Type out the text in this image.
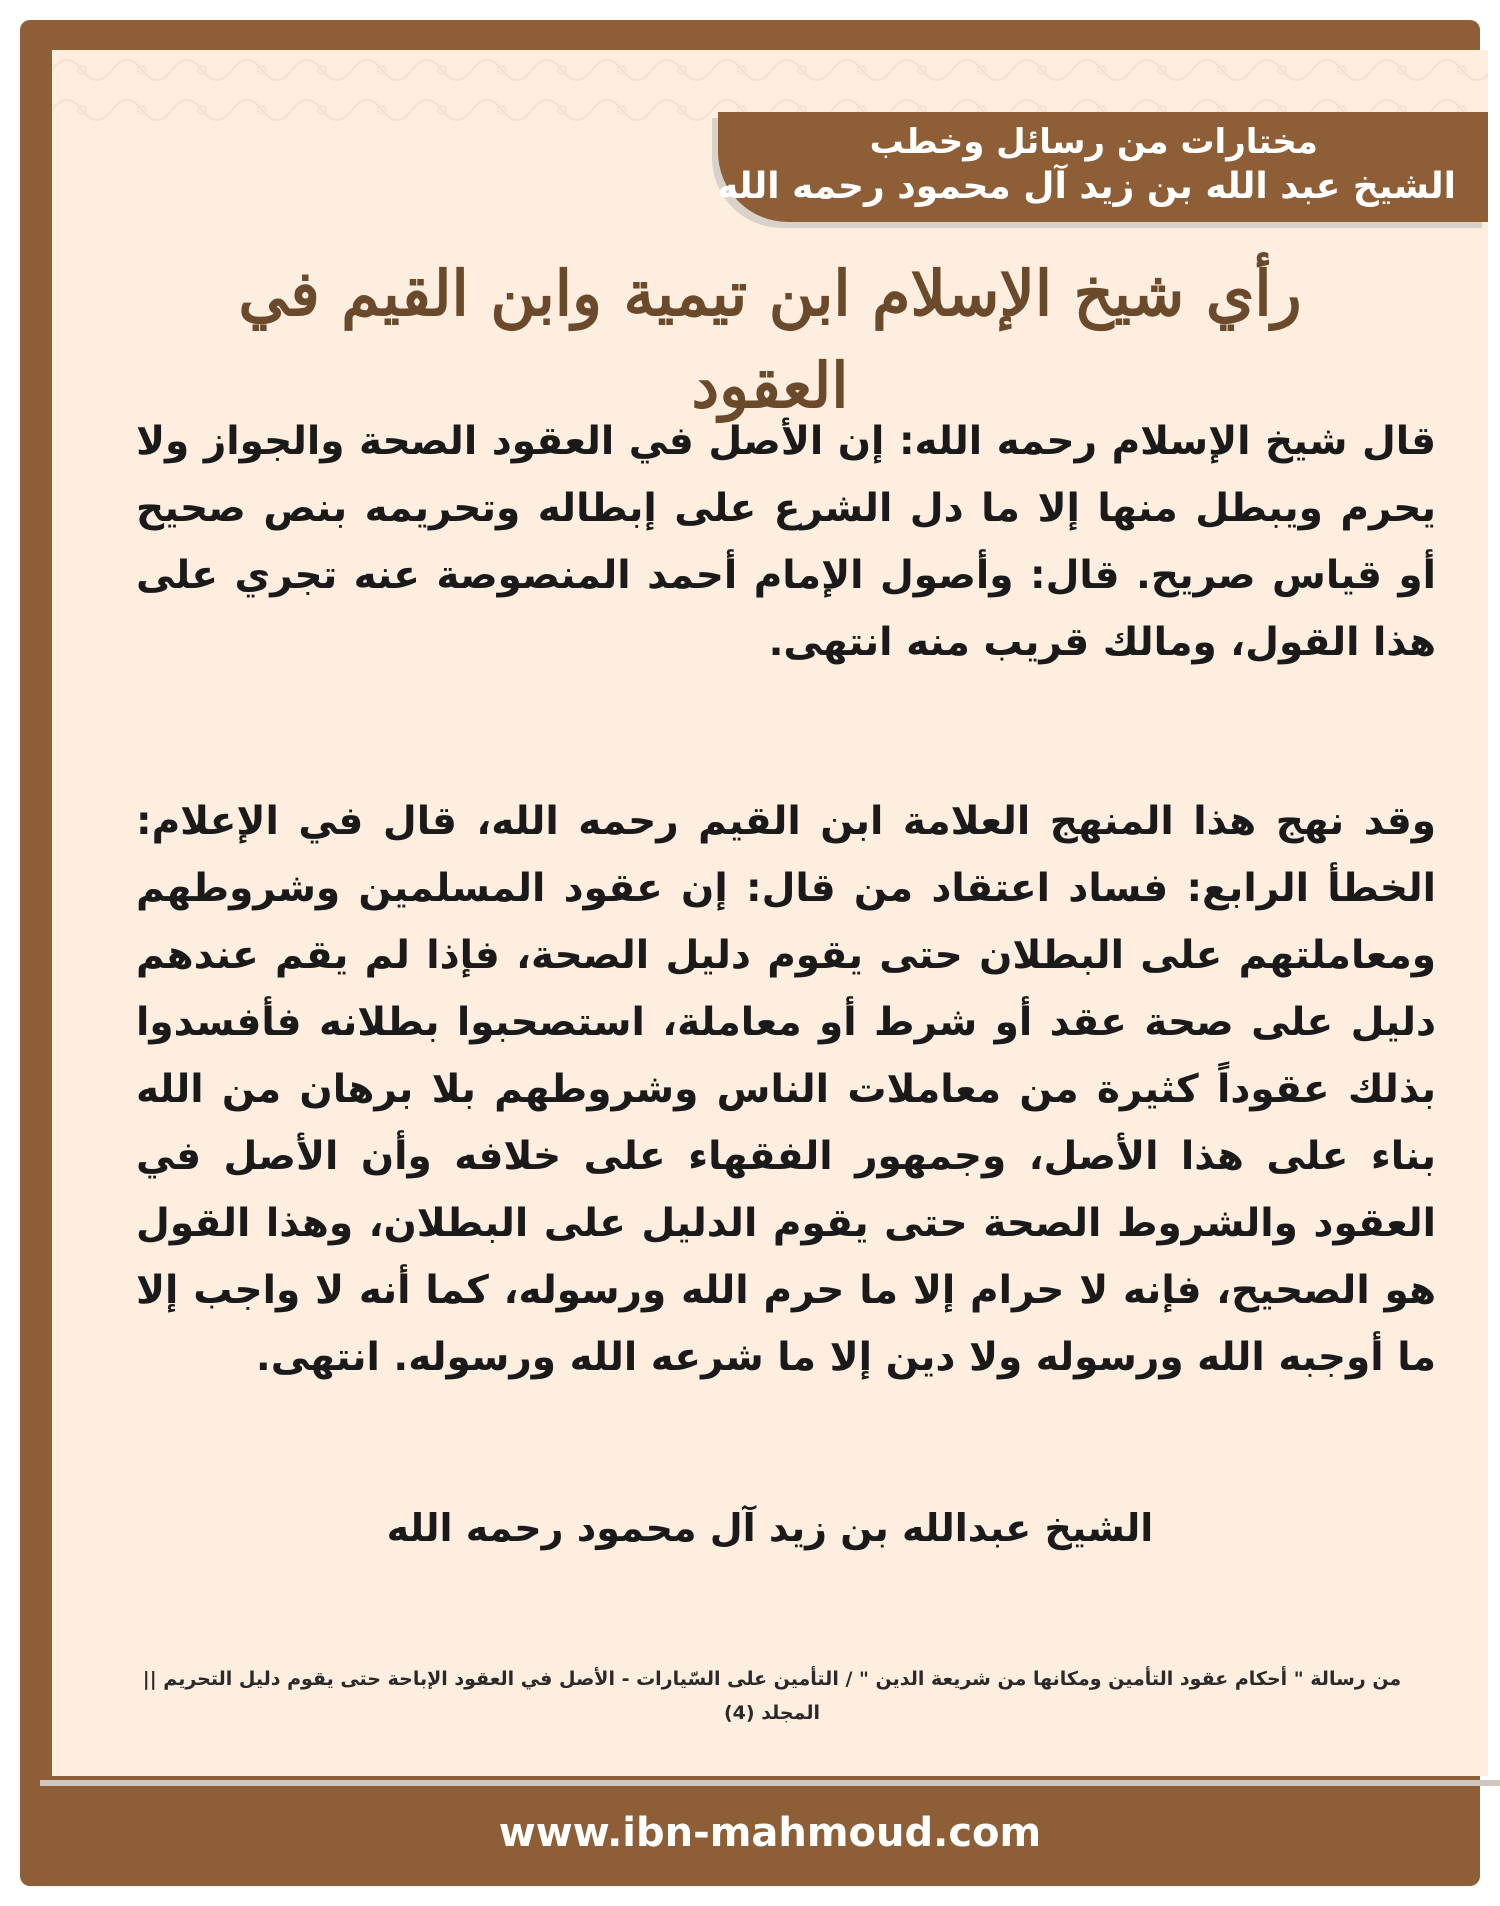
مختارات من رسائل وخطب
الشيخ عبد الله بن زيد آل محمود رحمه الله
رأي شيخ الإسلام ابن تيمية وابن القيم في العقود
قال شيخ الإسلام رحمه الله: إن الأصل في العقود الصحة والجواز ولا يحرم ويبطل منها إلا ما دل الشرع على إبطاله وتحريمه بنص صحيح أو قياس صريح. قال: وأصول الإمام أحمد المنصوصة عنه تجري على هذا القول، ومالك قريب منه انتهى.
وقد نهج هذا المنهج العلامة ابن القيم رحمه الله، قال في الإعلام: الخطأ الرابع: فساد اعتقاد من قال: إن عقود المسلمين وشروطهم ومعاملتهم على البطلان حتى يقوم دليل الصحة، فإذا لم يقم عندهم دليل على صحة عقد أو شرط أو معاملة، استصحبوا بطلانه فأفسدوا بذلك عقوداً كثيرة من معاملات الناس وشروطهم بلا برهان من الله بناء على هذا الأصل، وجمهور الفقهاء على خلافه وأن الأصل في العقود والشروط الصحة حتى يقوم الدليل على البطلان، وهذا القول هو الصحيح، فإنه لا حرام إلا ما حرم الله ورسوله، كما أنه لا واجب إلا ما أوجبه الله ورسوله ولا دين إلا ما شرعه الله ورسوله. انتهى.
الشيخ عبدالله بن زيد آل محمود رحمه الله
من رسالة " أحكام عقود التأمين ومكانها من شريعة الدين " / التأمين على السّيارات - الأصل في العقود الإباحة حتى يقوم دليل التحريم || المجلد (4)
www.ibn-mahmoud.com
